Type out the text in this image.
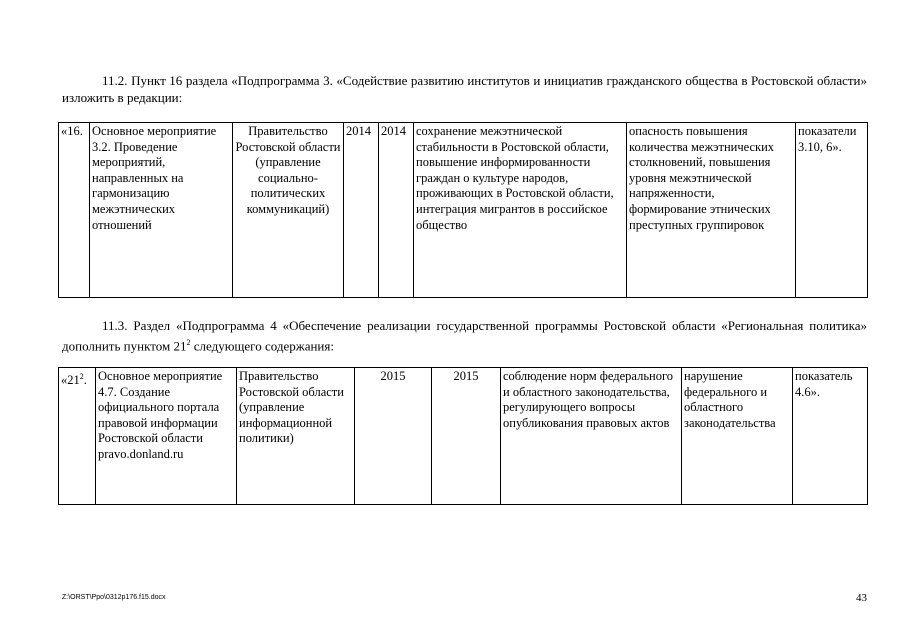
11.2. Пункт 16 раздела «Подпрограмма 3. «Содействие развитию институтов и инициатив гражданского общества в Ростовской области» изложить в редакции:

«16.	Основное мероприятие 3.2. Проведение мероприятий, направленных на гармонизацию межэтнических отношений	Правительство Ростовской области (управление социально-политических коммуникаций)	2014	2014	сохранение межэтнической стабильности в Ростовской области, повышение информированности граждан о культуре народов, проживающих в Ростовской области, интеграция мигрантов в российское общество	опасность повышения количества межэтнических столкновений, повышения уровня межэтнической напряженности, формирование этнических преступных группировок	показатели 3.10, 6».

11.3. Раздел «Подпрограмма 4 «Обеспечение реализации государственной программы Ростовской области «Региональная политика» дополнить пунктом $21^2$ следующего содержания:

«$21^2$.	Основное мероприятие 4.7. Создание официального портала правовой информации Ростовской области pravo.donland.ru	Правительство Ростовской области (управление информационной политики)	2015	2015	соблюдение норм федерального и областного законодательства, регулирующего вопросы опубликования правовых актов	нарушение федерального и областного законодательства	показатель 4.6».
Z:\ORST\Ppo\0312p176.f15.docx	43
